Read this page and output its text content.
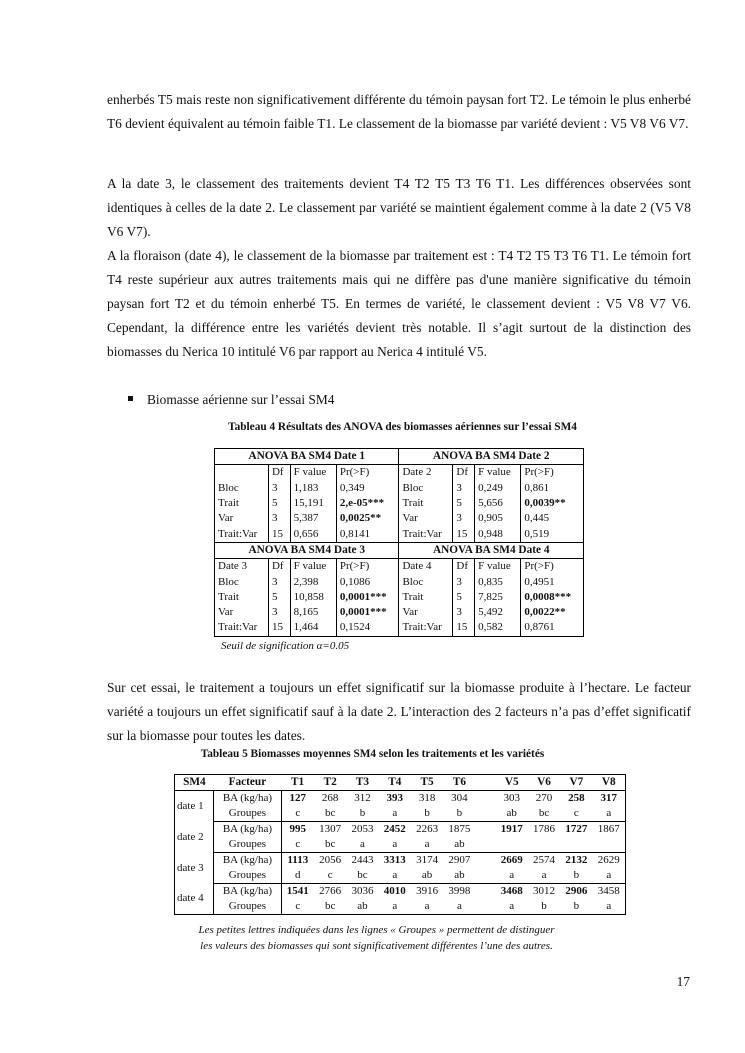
enherbés T5 mais reste non significativement différente du témoin paysan fort T2. Le témoin le plus enherbé T6 devient équivalent au témoin faible T1. Le classement de la biomasse par variété devient : V5 V8 V6 V7.

A la date 3, le classement des traitements devient T4 T2 T5 T3 T6 T1. Les différences observées sont identiques à celles de la date 2. Le classement par variété se maintient également comme à la date 2 (V5 V8 V6 V7).

A la floraison (date 4), le classement de la biomasse par traitement est : T4 T2 T5 T3 T6 T1. Le témoin fort T4 reste supérieur aux autres traitements mais qui ne diffère pas d'une manière significative du témoin paysan fort T2 et du témoin enherbé T5. En termes de variété, le classement devient : V5 V8 V7 V6. Cependant, la différence entre les variétés devient très notable. Il s’agit surtout de la distinction des biomasses du Nerica 10 intitulé V6 par rapport au Nerica 4 intitulé V5.

Biomasse aérienne sur l’essai SM4
Tableau 4 Résultats des ANOVA des biomasses aériennes sur l’essai SM4
ANOVA BA SM4 Date 1				ANOVA BA SM4 Date 2			
	Df	F value	Pr(>F)	Date 2	Df	F value	Pr(>F)
Bloc	3	1,183	0,349	Bloc	3	0,249	0,861
Trait	5	15,191	2,e-05***	Trait	5	5,656	0,0039**
Var	3	5,387	0,0025**	Var	3	0,905	0,445
Trait:Var	15	0,656	0,8141	Trait:Var	15	0,948	0,519
ANOVA BA SM4 Date 3				ANOVA BA SM4 Date 4			
Date 3	Df	F value	Pr(>F)	Date 4	Df	F value	Pr(>F)
Bloc	3	2,398	0,1086	Bloc	3	0,835	0,4951
Trait	5	10,858	0,0001***	Trait	5	7,825	0,0008***
Var	3	8,165	0,0001***	Var	3	5,492	0,0022**
Trait:Var	15	1,464	0,1524	Trait:Var	15	0,582	0,8761
Seuil de signification α=0.05

Sur cet essai, le traitement a toujours un effet significatif sur la biomasse produite à l’hectare. Le facteur variété a toujours un effet significatif sauf à la date 2. L’interaction des 2 facteurs n’a pas d’effet significatif sur la biomasse pour toutes les dates.

Tableau 5 Biomasses moyennes SM4 selon les traitements et les variétés
SM4	Facteur	T1	T2	T3	T4	T5	T6		V5	V6	V7	V8
date 1	BA (kg/ha)	127	268	312	393	318	304		303	270	258	317
	Groupes	c	bc	b	a	b	b		ab	bc	c	a
date 2	BA (kg/ha)	995	1307	2053	2452	2263	1875		1917	1786	1727	1867
	Groupes	c	bc	a	a	a	ab					
date 3	BA (kg/ha)	1113	2056	2443	3313	3174	2907		2669	2574	2132	2629
	Groupes	d	c	bc	a	ab	ab		a	a	b	a
date 4	BA (kg/ha)	1541	2766	3036	4010	3916	3998		3468	3012	2906	3458
	Groupes	c	bc	ab	a	a	a		a	b	b	a
Les petites lettres indiquées dans les lignes « Groupes » permettent de distinguer
les valeurs des biomasses qui sont significativement différentes l’une des autres.
17
